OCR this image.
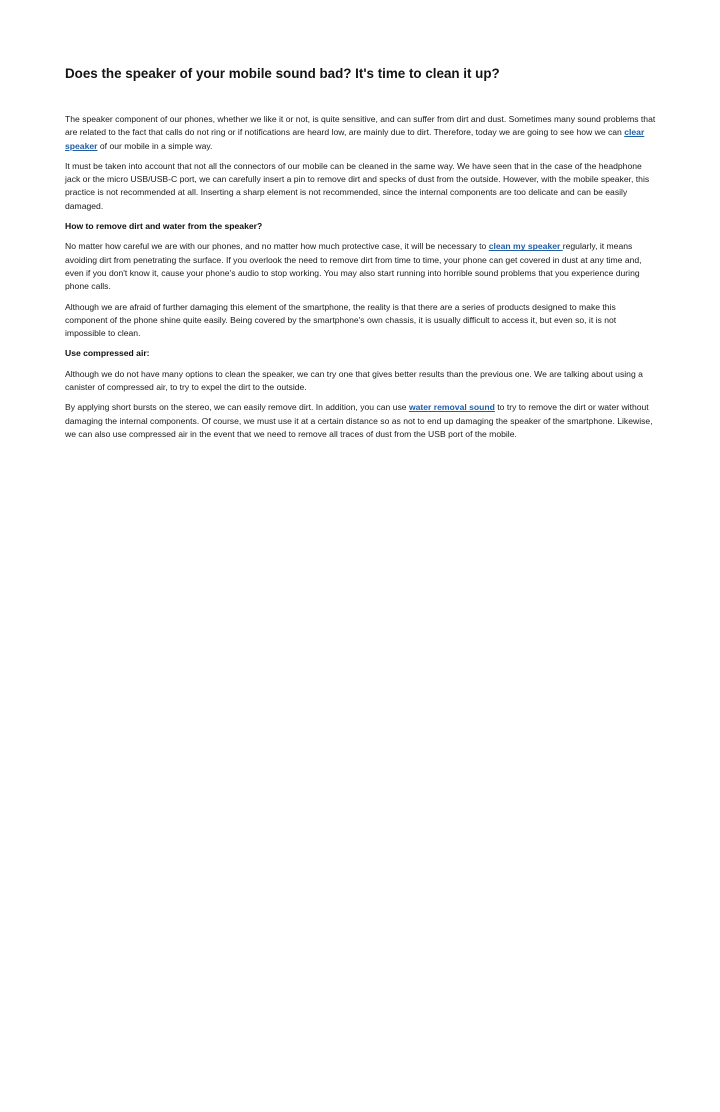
Does the speaker of your mobile sound bad? It's time to clean it up?

The speaker component of our phones, whether we like it or not, is quite sensitive, and can suffer from dirt and dust. Sometimes many sound problems that are related to the fact that calls do not ring or if notifications are heard low, are mainly due to dirt. Therefore, today we are going to see how we can clear speaker of our mobile in a simple way.

It must be taken into account that not all the connectors of our mobile can be cleaned in the same way. We have seen that in the case of the headphone jack or the micro USB/USB-C port, we can carefully insert a pin to remove dirt and specks of dust from the outside. However, with the mobile speaker, this practice is not recommended at all. Inserting a sharp element is not recommended, since the internal components are too delicate and can be easily damaged.

How to remove dirt and water from the speaker?

No matter how careful we are with our phones, and no matter how much protective case, it will be necessary to clean my speaker regularly, it means avoiding dirt from penetrating the surface. If you overlook the need to remove dirt from time to time, your phone can get covered in dust at any time and, even if you don't know it, cause your phone's audio to stop working. You may also start running into horrible sound problems that you experience during phone calls.

Although we are afraid of further damaging this element of the smartphone, the reality is that there are a series of products designed to make this component of the phone shine quite easily. Being covered by the smartphone's own chassis, it is usually difficult to access it, but even so, it is not impossible to clean.

Use compressed air:

Although we do not have many options to clean the speaker, we can try one that gives better results than the previous one. We are talking about using a canister of compressed air, to try to expel the dirt to the outside.

By applying short bursts on the stereo, we can easily remove dirt. In addition, you can use water removal sound to try to remove the dirt or water without damaging the internal components. Of course, we must use it at a certain distance so as not to end up damaging the speaker of the smartphone. Likewise, we can also use compressed air in the event that we need to remove all traces of dust from the USB port of the mobile.
